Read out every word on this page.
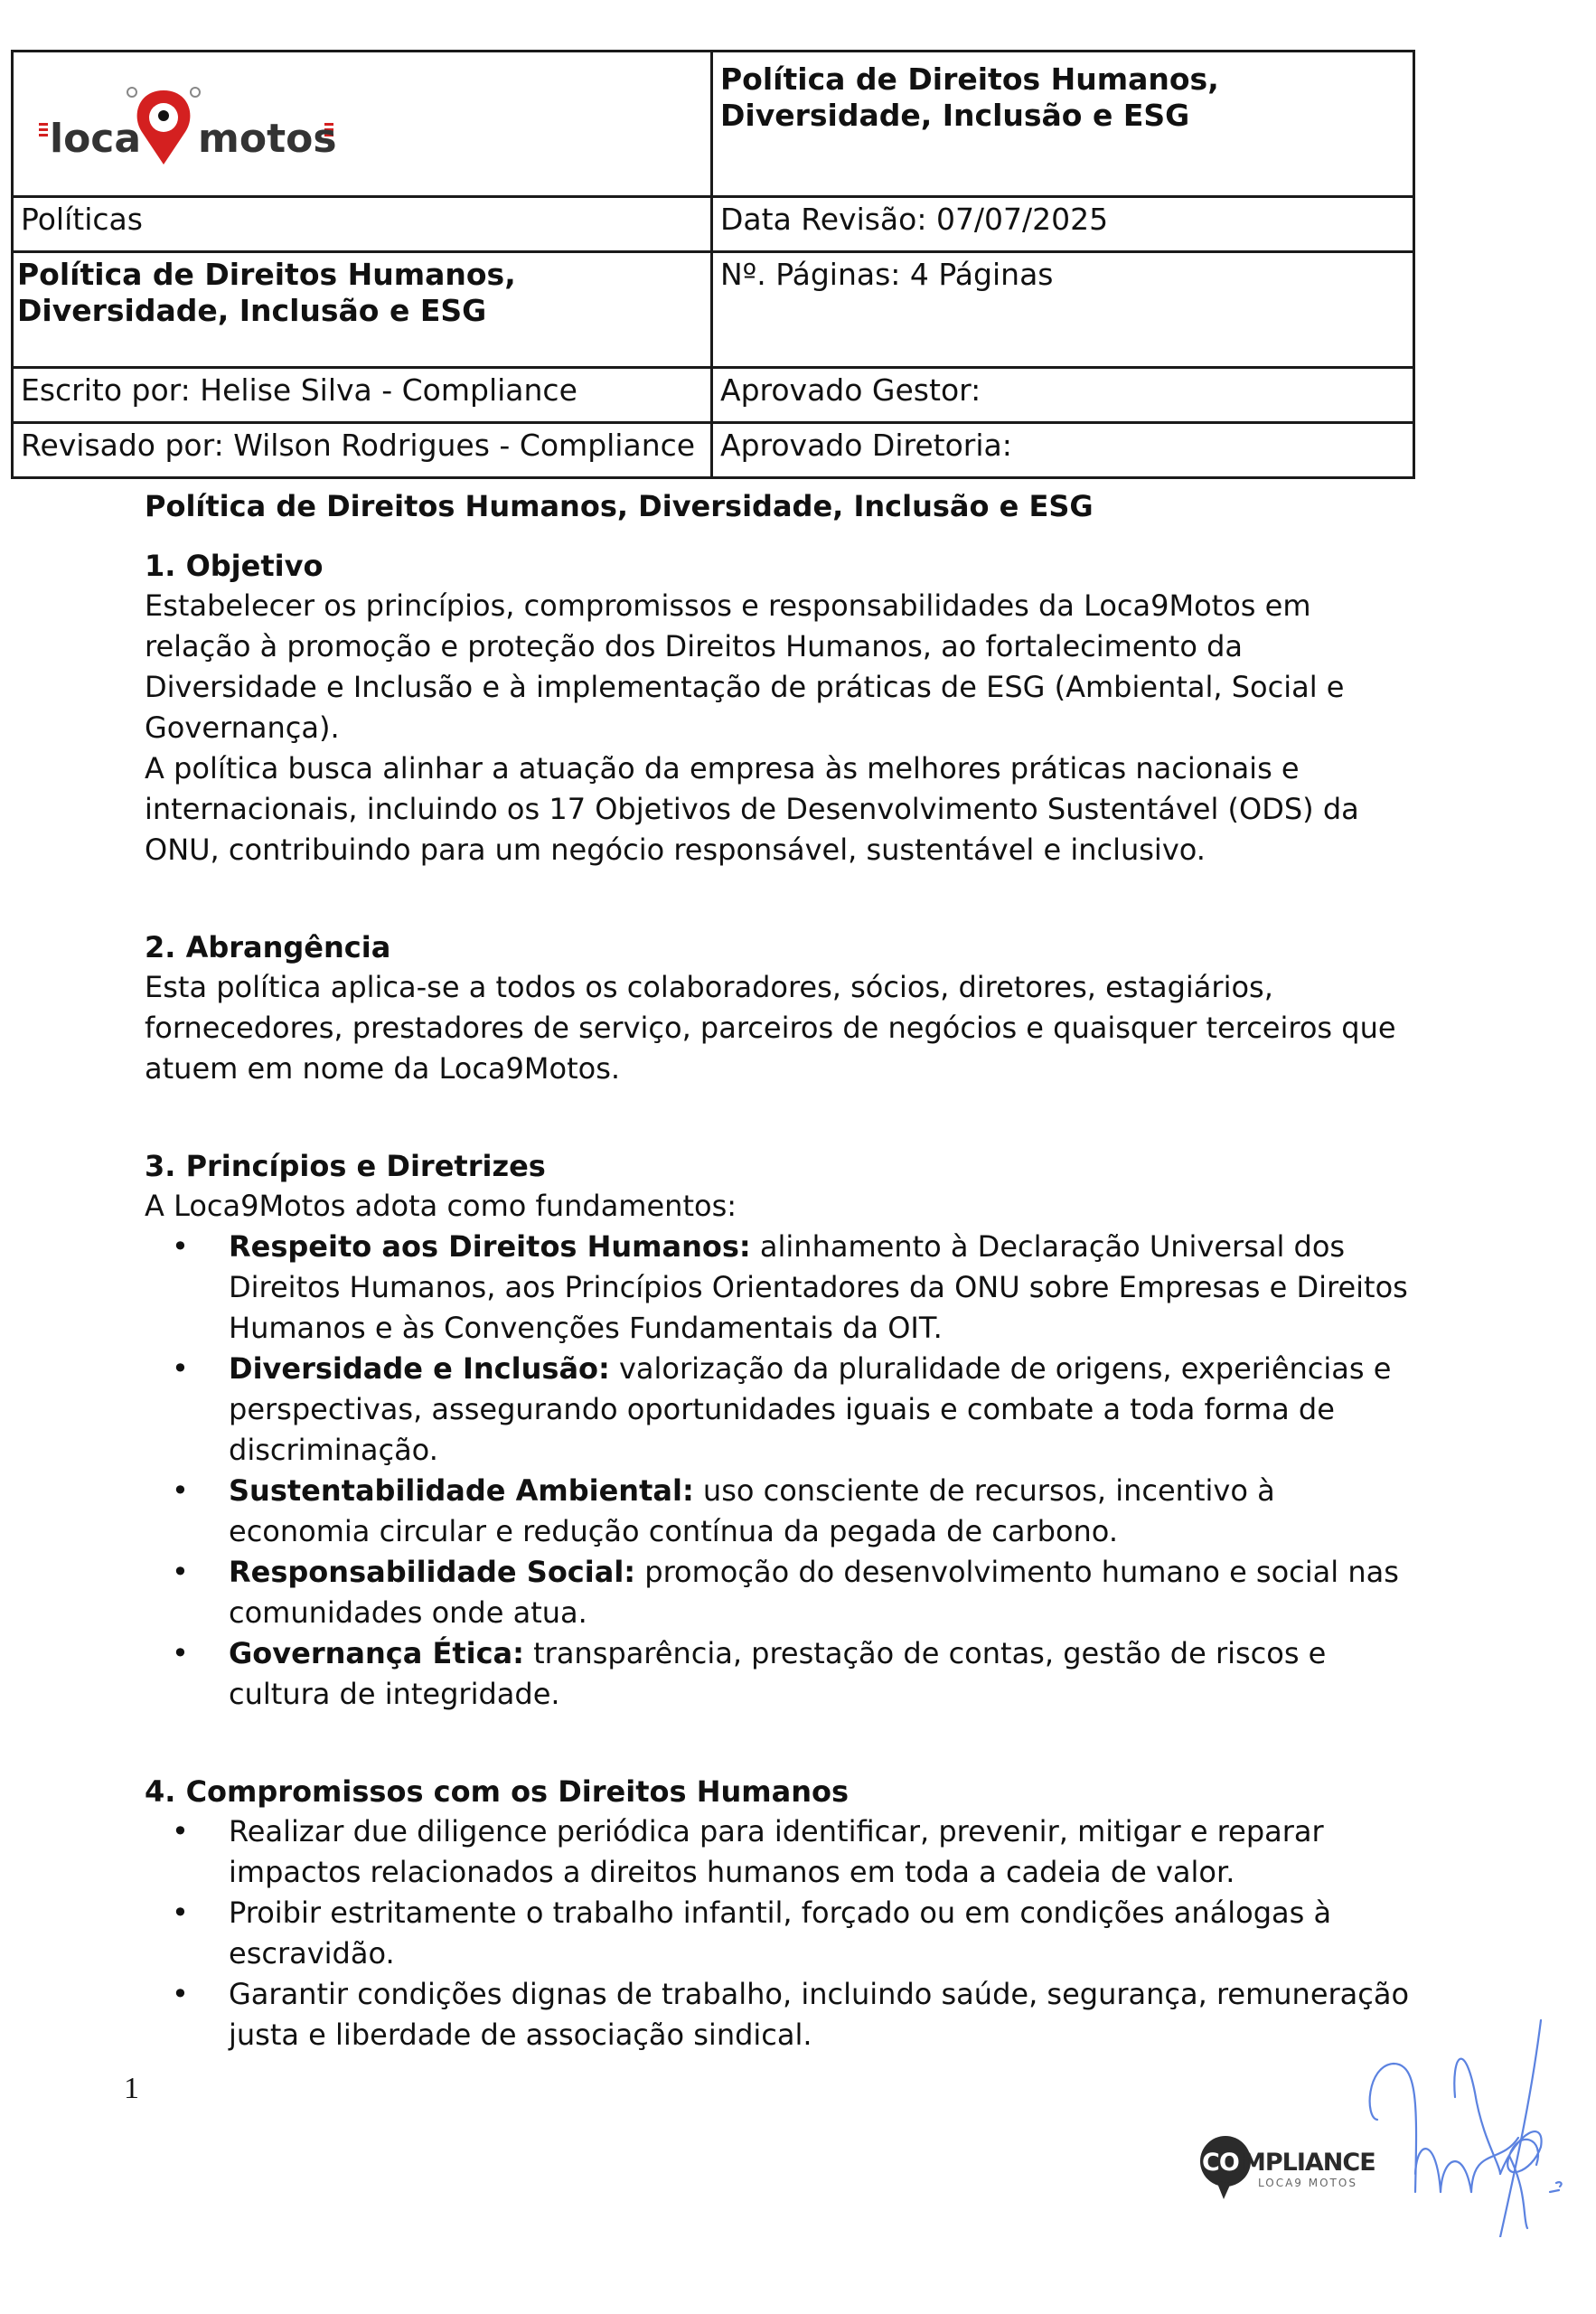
loca motos	Política de Direitos Humanos, Diversidade, Inclusão e ESG

Políticas	Data Revisão: 07/07/2025
Política de Direitos Humanos, Diversidade, Inclusão e ESG	Nº. Páginas: 4 Páginas
Escrito por: Helise Silva - Compliance	Aprovado Gestor:
Revisado por: Wilson Rodrigues - Compliance	Aprovado Diretoria:

Política de Direitos Humanos, Diversidade, Inclusão e ESG

1. Objetivo

Estabelecer os princípios, compromissos e responsabilidades da Loca9Motos em relação à promoção e proteção dos Direitos Humanos, ao fortalecimento da Diversidade e Inclusão e à implementação de práticas de ESG (Ambiental, Social e Governança).

A política busca alinhar a atuação da empresa às melhores práticas nacionais e internacionais, incluindo os 17 Objetivos de Desenvolvimento Sustentável (ODS) da ONU, contribuindo para um negócio responsável, sustentável e inclusivo.

2. Abrangência

Esta política aplica-se a todos os colaboradores, sócios, diretores, estagiários, fornecedores, prestadores de serviço, parceiros de negócios e quaisquer terceiros que atuem em nome da Loca9Motos.

3. Princípios e Diretrizes

A Loca9Motos adota como fundamentos:

• Respeito aos Direitos Humanos: alinhamento à Declaração Universal dos Direitos Humanos, aos Princípios Orientadores da ONU sobre Empresas e Direitos Humanos e às Convenções Fundamentais da OIT.
• Diversidade e Inclusão: valorização da pluralidade de origens, experiências e perspectivas, assegurando oportunidades iguais e combate a toda forma de discriminação.
• Sustentabilidade Ambiental: uso consciente de recursos, incentivo à economia circular e redução contínua da pegada de carbono.
• Responsabilidade Social: promoção do desenvolvimento humano e social nas comunidades onde atua.
• Governança Ética: transparência, prestação de contas, gestão de riscos e cultura de integridade.

4. Compromissos com os Direitos Humanos

• Realizar due diligence periódica para identificar, prevenir, mitigar e reparar impactos relacionados a direitos humanos em toda a cadeia de valor.
• Proibir estritamente o trabalho infantil, forçado ou em condições análogas à escravidão.
• Garantir condições dignas de trabalho, incluindo saúde, segurança, remuneração justa e liberdade de associação sindical.
1
CO MPLIANCE
LOCA9 MOTOS
